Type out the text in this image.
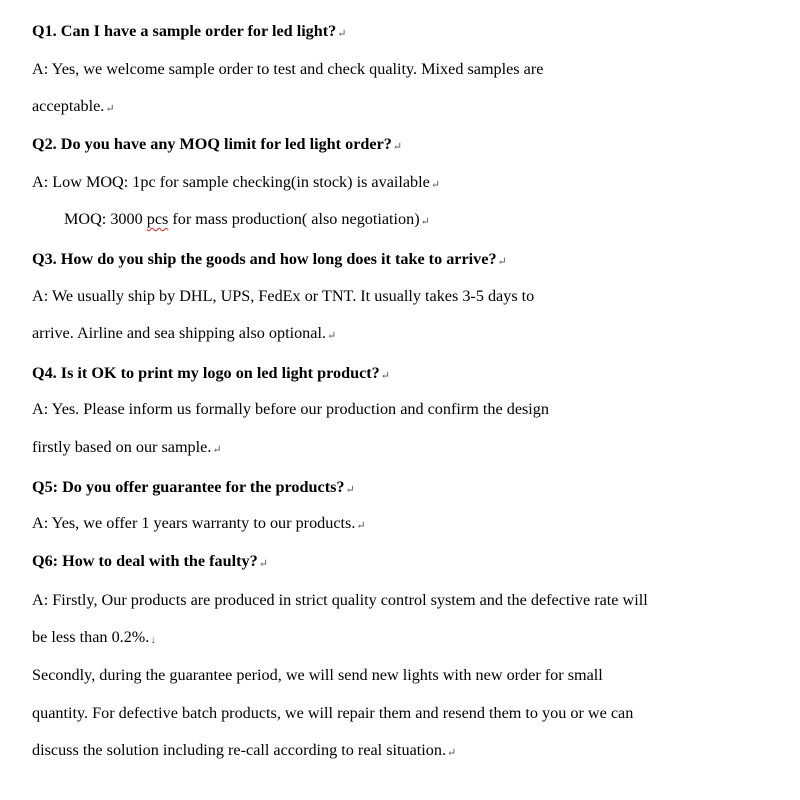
Q1. Can I have a sample order for led light?↵
A: Yes, we welcome sample order to test and check quality. Mixed samples are
acceptable.↵
Q2. Do you have any MOQ limit for led light order?↵
A: Low MOQ: 1pc for sample checking(in stock) is available↵
MOQ: 3000 pcs for mass production( also negotiation)↵
Q3. How do you ship the goods and how long does it take to arrive?↵
A: We usually ship by DHL, UPS, FedEx or TNT. It usually takes 3-5 days to
arrive. Airline and sea shipping also optional.↵
Q4. Is it OK to print my logo on led light product?↵
A: Yes. Please inform us formally before our production and confirm the design
firstly based on our sample.↵
Q5: Do you offer guarantee for the products?↵
A: Yes, we offer 1 years warranty to our products.↵
Q6: How to deal with the faulty?↵
A: Firstly, Our products are produced in strict quality control system and the defective rate will
be less than 0.2%.↓
Secondly, during the guarantee period, we will send new lights with new order for small
quantity. For defective batch products, we will repair them and resend them to you or we can
discuss the solution including re-call according to real situation.↵
